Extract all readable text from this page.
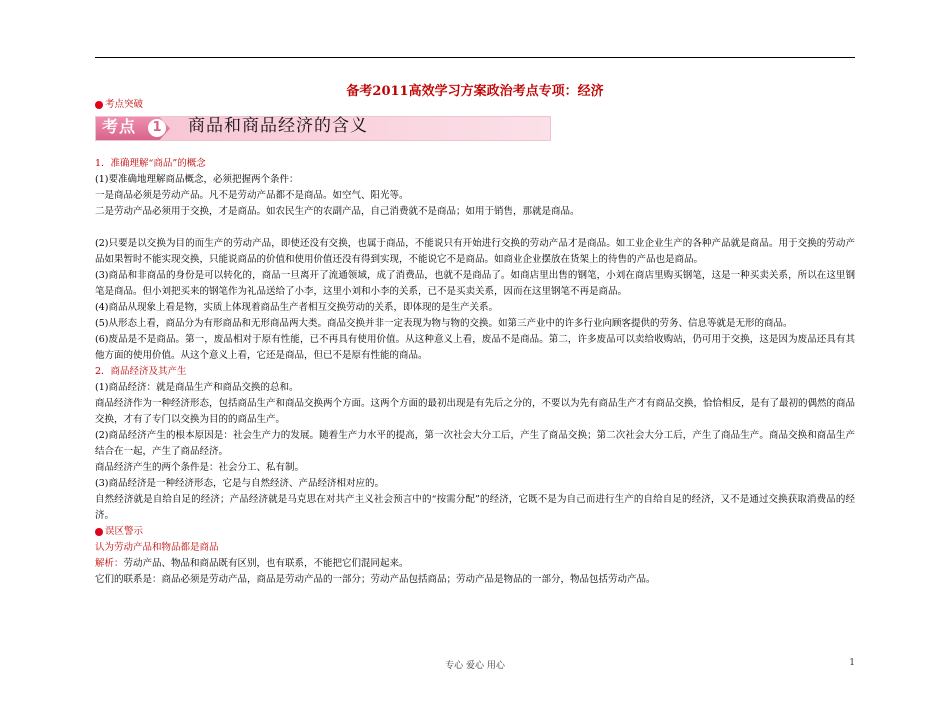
备考2011高效学习方案政治考点专项：经济
考点突破
考点	1 商品和商品经济的含义

1．准确理解“商品”的概念

(1)要准确地理解商品概念，必须把握两个条件：

一是商品必须是劳动产品。凡不是劳动产品都不是商品。如空气、阳光等。

二是劳动产品必须用于交换，才是商品。如农民生产的农副产品，自己消费就不是商品；如用于销售，那就是商品。

(2)只要是以交换为目的而生产的劳动产品，即使还没有交换，也属于商品，不能说只有开始进行交换的劳动产品才是商品。如工业企业生产的各种产品就是商品。用于交换的劳动产品如果暂时不能实现交换，只能说商品的价值和使用价值还没有得到实现，不能说它不是商品。如商业企业摆放在货架上的待售的产品也是商品。

(3)商品和非商品的身份是可以转化的，商品一旦离开了流通领域，成了消费品，也就不是商品了。如商店里出售的钢笔，小刘在商店里购买钢笔，这是一种买卖关系，所以在这里钢笔是商品。但小刘把买来的钢笔作为礼品送给了小李，这里小刘和小李的关系，已不是买卖关系，因而在这里钢笔不再是商品。

(4)商品从现象上看是物，实质上体现着商品生产者相互交换劳动的关系，即体现的是生产关系。

(5)从形态上看，商品分为有形商品和无形商品两大类。商品交换并非一定表现为物与物的交换。如第三产业中的许多行业向顾客提供的劳务、信息等就是无形的商品。

(6)废品是不是商品。第一，废品相对于原有性能，已不再具有使用价值。从这种意义上看，废品不是商品。第二，许多废品可以卖给收购站，仍可用于交换，这是因为废品还具有其他方面的使用价值。从这个意义上看，它还是商品，但已不是原有性能的商品。

2．商品经济及其产生

(1)商品经济：就是商品生产和商品交换的总和。

商品经济作为一种经济形态，包括商品生产和商品交换两个方面。这两个方面的最初出现是有先后之分的，不要以为先有商品生产才有商品交换，恰恰相反，是有了最初的偶然的商品交换，才有了专门以交换为目的的商品生产。

(2)商品经济产生的根本原因是：社会生产力的发展。随着生产力水平的提高，第一次社会大分工后，产生了商品交换；第二次社会大分工后，产生了商品生产。商品交换和商品生产结合在一起，产生了商品经济。

商品经济产生的两个条件是：社会分工、私有制。

(3)商品经济是一种经济形态，它是与自然经济、产品经济相对应的。

自然经济就是自给自足的经济；产品经济就是马克思在对共产主义社会预言中的“按需分配”的经济，它既不是为自己而进行生产的自给自足的经济，又不是通过交换获取消费品的经济。

误区警示

认为劳动产品和物品都是商品

解析：劳动产品、物品和商品既有区别，也有联系，不能把它们混同起来。

它们的联系是：商品必须是劳动产品，商品是劳动产品的一部分；劳动产品包括商品；劳动产品是物品的一部分，物品包括劳动产品。

专心 爱心 用心	1
